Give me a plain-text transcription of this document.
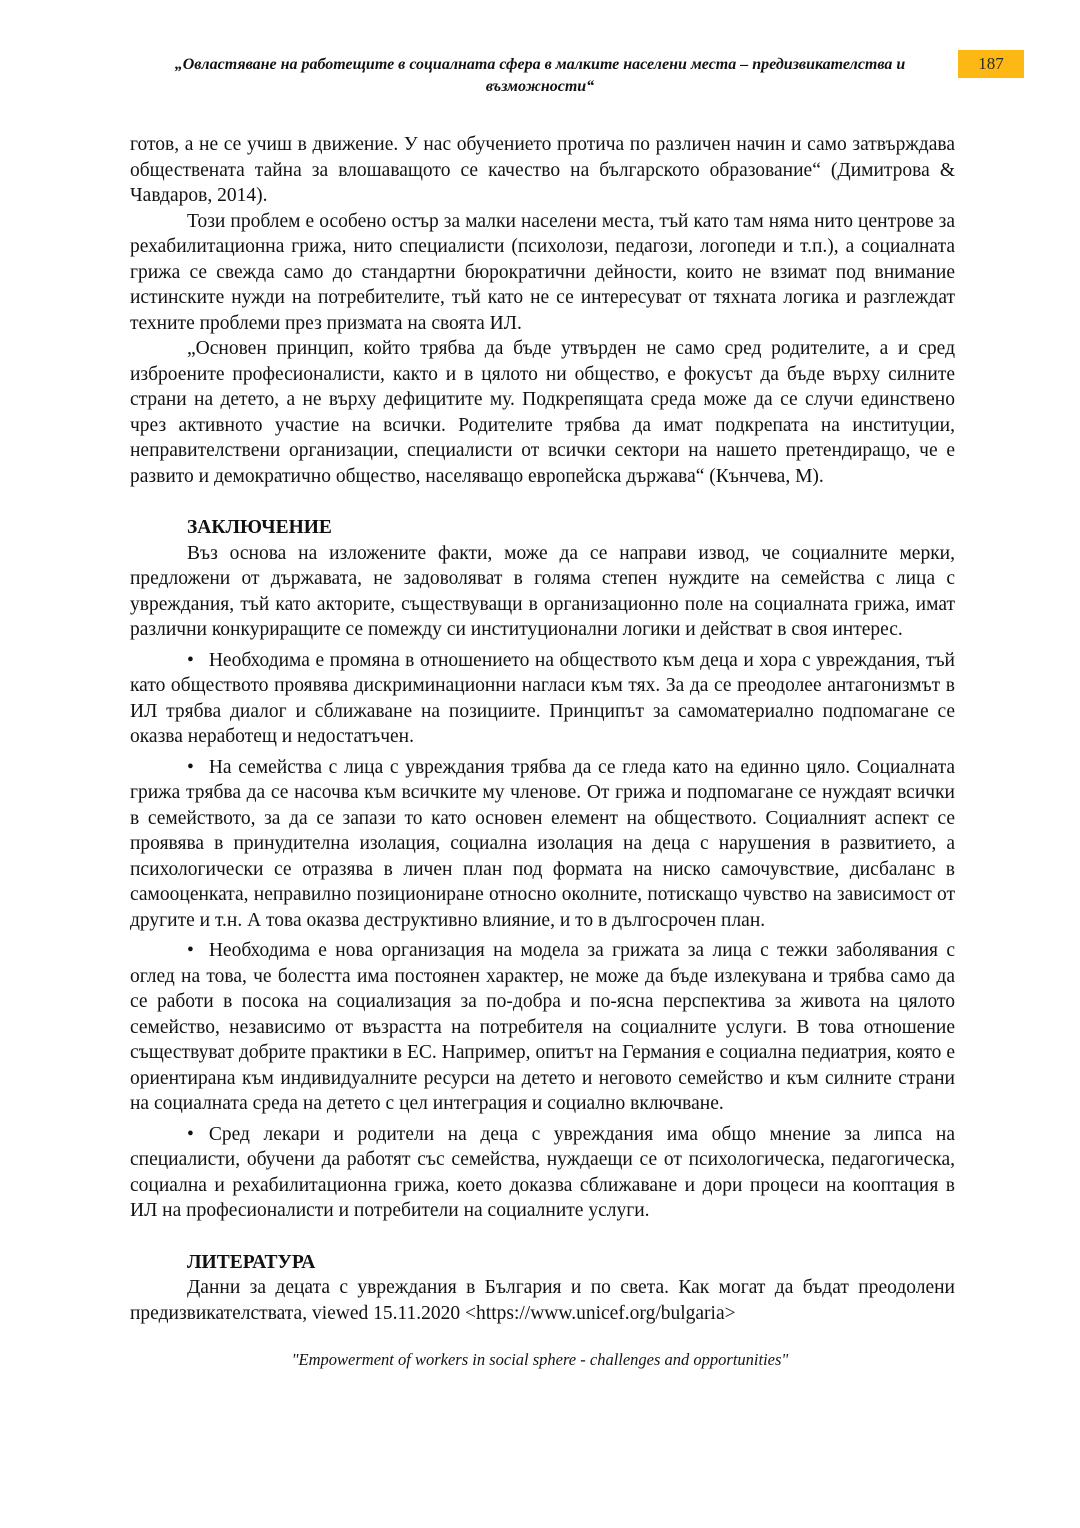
„Овластяване на работещите в социалната сфера в малките населени места – предизвикателства и възможности“
187

готов, а не се учиш в движение. У нас обучението протича по различен начин и само затвърждава обществената тайна за влошаващото се качество на българското образование“ (Димитрова & Чавдаров, 2014).

Този проблем е особено остър за малки населени места, тъй като там няма нито центрове за рехабилитационна грижа, нито специалисти (психолози, педагози, логопеди и т.п.), а социалната грижа се свежда само до стандартни бюрократични дейности, които не взимат под внимание истинските нужди на потребителите, тъй като не се интересуват от тяхната логика и разглеждат техните проблеми през призмата на своята ИЛ.

„Основен принцип, който трябва да бъде утвърден не само сред родителите, а и сред изброените професионалисти, както и в цялото ни общество, е фокусът да бъде върху силните страни на детето, а не върху дефицитите му. Подкрепящата среда може да се случи единствено чрез активното участие на всички. Родителите трябва да имат подкрепата на институции, неправителствени организации, специалисти от всички сектори на нашето претендиращо, че е развито и демократично общество, населяващо европейска държава“ (Кънчева, М).

ЗАКЛЮЧЕНИЕ

Въз основа на изложените факти, може да се направи извод, че социалните мерки, предложени от държавата, не задоволяват в голяма степен нуждите на семейства с лица с увреждания, тъй като акторите, съществуващи в организационно поле на социалната грижа, имат различни конкуриращите се помежду си институционални логики и действат в своя интерес.

• Необходима е промяна в отношението на обществото към деца и хора с увреждания, тъй като обществото проявява дискриминационни нагласи към тях. За да се преодолее антагонизмът в ИЛ трябва диалог и сближаване на позициите. Принципът за самоматериално подпомагане се оказва неработещ и недостатъчен.

• На семейства с лица с увреждания трябва да се гледа като на единно цяло. Социалната грижа трябва да се насочва към всичките му членове. От грижа и подпомагане се нуждаят всички в семейството, за да се запази то като основен елемент на обществото. Социалният аспект се проявява в принудителна изолация, социална изолация на деца с нарушения в развитието, а психологически се отразява в личен план под формата на ниско самочувствие, дисбаланс в самооценката, неправилно позициониране относно околните, потискащо чувство на зависимост от другите и т.н. А това оказва деструктивно влияние, и то в дългосрочен план.

• Необходима е нова организация на модела за грижата за лица с тежки заболявания с оглед на това, че болестта има постоянен характер, не може да бъде излекувана и трябва само да се работи в посока на социализация за по-добра и по-ясна перспектива за живота на цялото семейство, независимо от възрастта на потребителя на социалните услуги. В това отношение съществуват добрите практики в ЕС. Например, опитът на Германия е социална педиатрия, която е ориентирана към индивидуалните ресурси на детето и неговото семейство и към силните страни на социалната среда на детето с цел интеграция и социално включване.

• Сред лекари и родители на деца с увреждания има общо мнение за липса на специалисти, обучени да работят със семейства, нуждаещи се от психологическа, педагогическа, социална и рехабилитационна грижа, което доказва сближаване и дори процеси на кооптация в ИЛ на професионалисти и потребители на социалните услуги.

ЛИТЕРАТУРА

Данни за децата с увреждания в България и по света. Как могат да бъдат преодолени предизвикателствата, viewed 15.11.2020 <https://www.unicef.org/bulgaria>

"Empowerment of workers in social sphere - challenges and opportunities"
